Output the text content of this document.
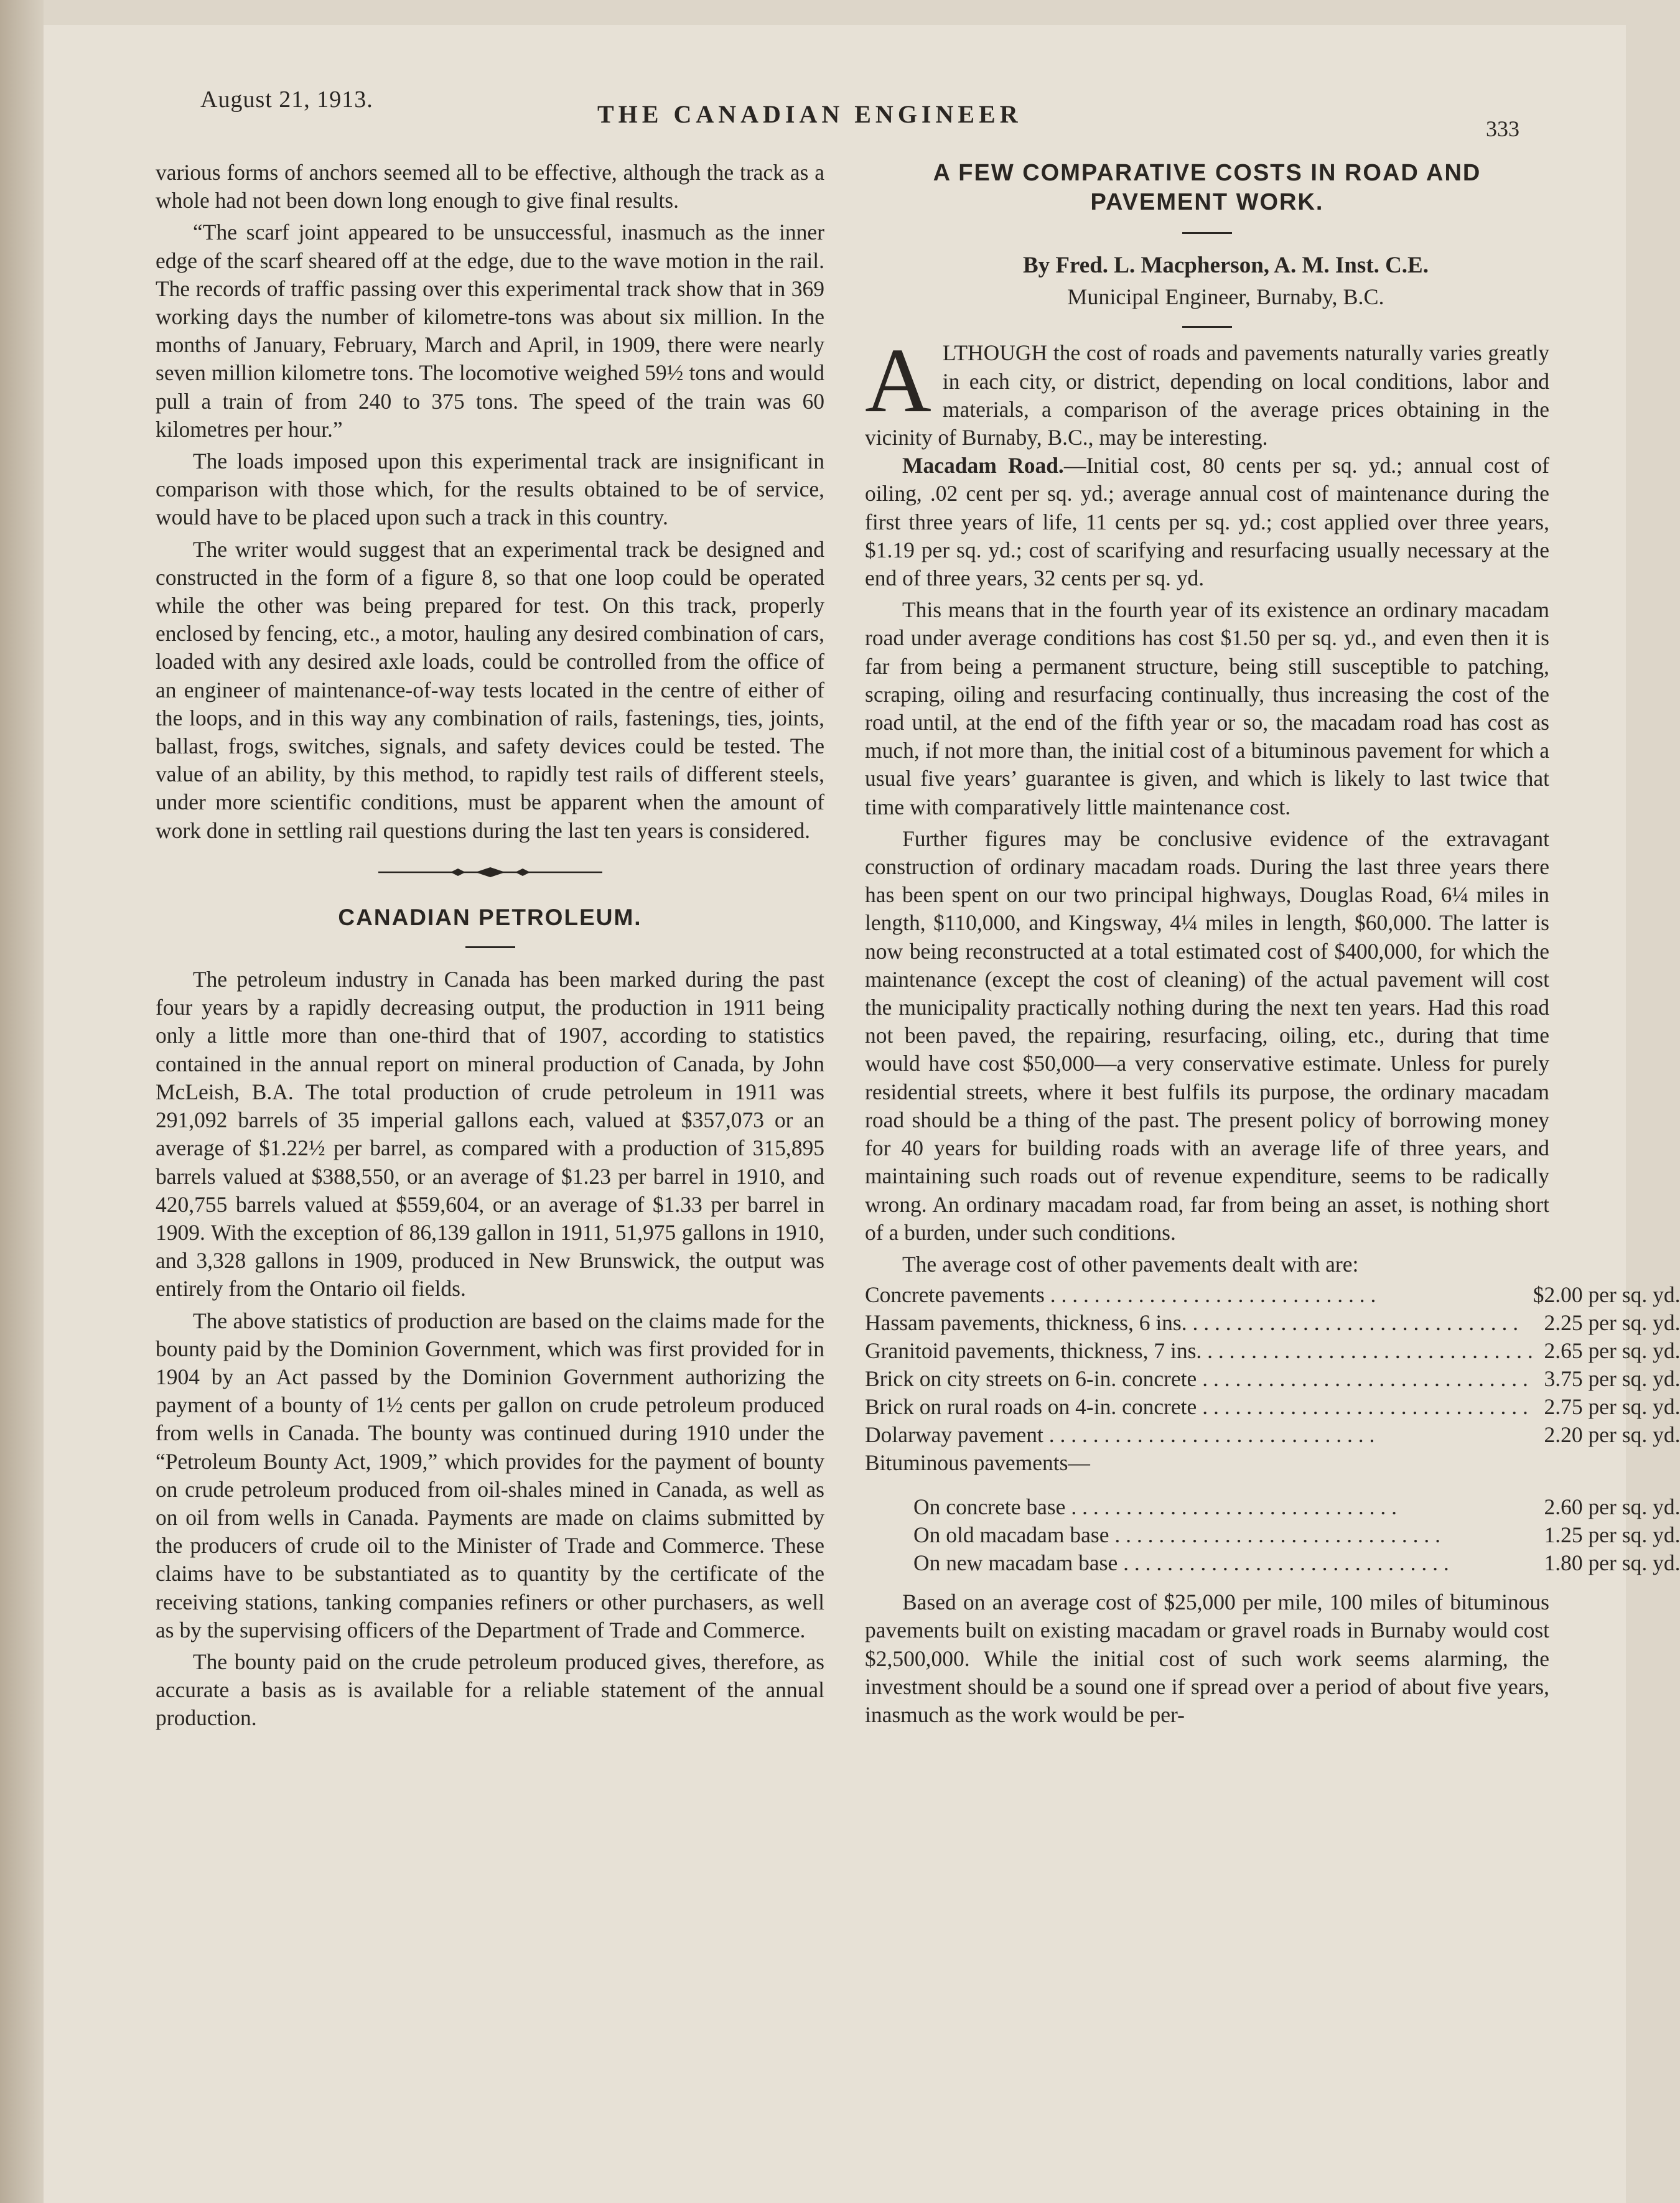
August 21, 1913.
THE CANADIAN ENGINEER
333

various forms of anchors seemed all to be effective, although the track as a whole had not been down long enough to give final results.

“The scarf joint appeared to be unsuccessful, inasmuch as the inner edge of the scarf sheared off at the edge, due to the wave motion in the rail. The records of traffic passing over this experimental track show that in 369 working days the number of kilometre-tons was about six million. In the months of January, February, March and April, in 1909, there were nearly seven million kilometre tons. The locomotive weighed 59½ tons and would pull a train of from 240 to 375 tons. The speed of the train was 60 kilometres per hour.”

The loads imposed upon this experimental track are insignificant in comparison with those which, for the results obtained to be of service, would have to be placed upon such a track in this country.

The writer would suggest that an experimental track be designed and constructed in the form of a figure 8, so that one loop could be operated while the other was being prepared for test. On this track, properly enclosed by fencing, etc., a motor, hauling any desired combination of cars, loaded with any desired axle loads, could be controlled from the office of an engineer of maintenance-of-way tests located in the centre of either of the loops, and in this way any combination of rails, fastenings, ties, joints, ballast, frogs, switches, signals, and safety devices could be tested. The value of an ability, by this method, to rapidly test rails of different steels, under more scientific conditions, must be apparent when the amount of work done in settling rail questions during the last ten years is considered.

CANADIAN PETROLEUM.

The petroleum industry in Canada has been marked during the past four years by a rapidly decreasing output, the production in 1911 being only a little more than one-third that of 1907, according to statistics contained in the annual report on mineral production of Canada, by John McLeish, B.A. The total production of crude petroleum in 1911 was 291,092 barrels of 35 imperial gallons each, valued at $357,073 or an average of $1.22½ per barrel, as compared with a production of 315,895 barrels valued at $388,550, or an average of $1.23 per barrel in 1910, and 420,755 barrels valued at $559,604, or an average of $1.33 per barrel in 1909. With the exception of 86,139 gallon in 1911, 51,975 gallons in 1910, and 3,328 gallons in 1909, produced in New Brunswick, the output was entirely from the Ontario oil fields.

The above statistics of production are based on the claims made for the bounty paid by the Dominion Government, which was first provided for in 1904 by an Act passed by the Dominion Government authorizing the payment of a bounty of 1½ cents per gallon on crude petroleum produced from wells in Canada. The bounty was continued during 1910 under the “Petroleum Bounty Act, 1909,” which provides for the payment of bounty on crude petroleum produced from oil-shales mined in Canada, as well as on oil from wells in Canada. Payments are made on claims submitted by the producers of crude oil to the Minister of Trade and Commerce. These claims have to be substantiated as to quantity by the certificate of the receiving stations, tanking companies refiners or other purchasers, as well as by the supervising officers of the Department of Trade and Commerce.

The bounty paid on the crude petroleum produced gives, therefore, as accurate a basis as is available for a reliable statement of the annual production.

A FEW COMPARATIVE COSTS IN ROAD AND PAVEMENT WORK.

By Fred. L. Macpherson, A. M. Inst. C.E.

Municipal Engineer, Burnaby, B.C.

A LTHOUGH the cost of roads and pavements naturally varies greatly in each city, or district, depending on local conditions, labor and materials, a comparison of the average prices obtaining in the vicinity of Burnaby, B.C., may be interesting.

Macadam Road.—Initial cost, 80 cents per sq. yd.; annual cost of oiling, .02 cent per sq. yd.; average annual cost of maintenance during the first three years of life, 11 cents per sq. yd.; cost applied over three years, $1.19 per sq. yd.; cost of scarifying and resurfacing usually necessary at the end of three years, 32 cents per sq. yd.

This means that in the fourth year of its existence an ordinary macadam road under average conditions has cost $1.50 per sq. yd., and even then it is far from being a permanent structure, being still susceptible to patching, scraping, oiling and resurfacing continually, thus increasing the cost of the road until, at the end of the fifth year or so, the macadam road has cost as much, if not more than, the initial cost of a bituminous pavement for which a usual five years’ guarantee is given, and which is likely to last twice that time with comparatively little maintenance cost.

Further figures may be conclusive evidence of the extravagant construction of ordinary macadam roads. During the last three years there has been spent on our two principal highways, Douglas Road, 6¼ miles in length, $110,000, and Kingsway, 4¼ miles in length, $60,000. The latter is now being reconstructed at a total estimated cost of $400,000, for which the maintenance (except the cost of cleaning) of the actual pavement will cost the municipality practically nothing during the next ten years. Had this road not been paved, the repairing, resurfacing, oiling, etc., during that time would have cost $50,000—a very conservative estimate. Unless for purely residential streets, where it best fulfils its purpose, the ordinary macadam road should be a thing of the past. The present policy of borrowing money for 40 years for building roads with an average life of three years, and maintaining such roads out of revenue expenditure, seems to be radically wrong. An ordinary macadam road, far from being an asset, is nothing short of a burden, under such conditions.

The average cost of other pavements dealt with are:

Concrete pavements . . . . . . . . . . . . . . . . . . . . . . . . . . . . . .	$2.00 per sq. yd.
Hassam pavements, thickness, 6 ins. . . . . . . . . . . . . . . . . . . . . . . . . . . . . . .	2.25 per sq. yd.
Granitoid pavements, thickness, 7 ins. . . . . . . . . . . . . . . . . . . . . . . . . . . . . . .	2.65 per sq. yd.
Brick on city streets on 6-in. concrete . . . . . . . . . . . . . . . . . . . . . . . . . . . . . .	3.75 per sq. yd.
Brick on rural roads on 4-in. concrete . . . . . . . . . . . . . . . . . . . . . . . . . . . . . .	2.75 per sq. yd.
Dolarway pavement . . . . . . . . . . . . . . . . . . . . . . . . . . . . . .	2.20 per sq. yd.
Bituminous pavements—	

On concrete base . . . . . . . . . . . . . . . . . . . . . . . . . . . . . .	2.60 per sq. yd.
On old macadam base . . . . . . . . . . . . . . . . . . . . . . . . . . . . . .	1.25 per sq. yd.
On new macadam base . . . . . . . . . . . . . . . . . . . . . . . . . . . . . .	1.80 per sq. yd.

Based on an average cost of $25,000 per mile, 100 miles of bituminous pavements built on existing macadam or gravel roads in Burnaby would cost $2,500,000. While the initial cost of such work seems alarming, the investment should be a sound one if spread over a period of about five years, inasmuch as the work would be per-
